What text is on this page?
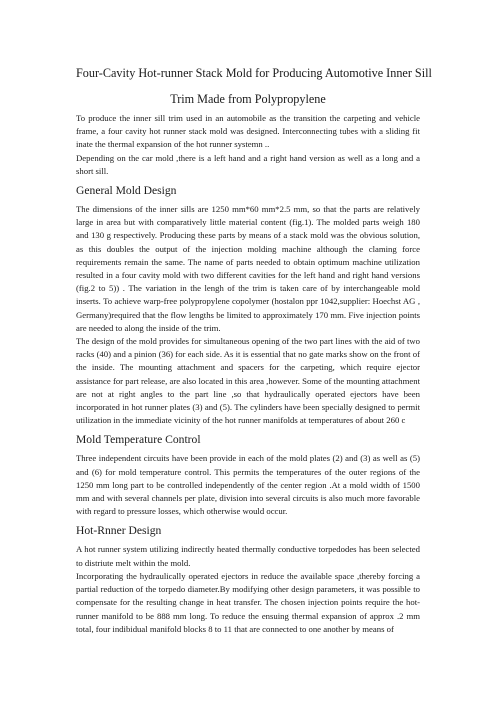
Four-Cavity Hot-runner Stack Mold for Producing Automotive Inner Sill
Trim Made from Polypropylene

To produce the inner sill trim used in an automobile as the transition the carpeting and vehicle frame, a four cavity hot runner stack mold was designed. Interconnecting tubes with a sliding fit inate the thermal expansion of the hot runner systemn ..

Depending on the car mold ,there is a left hand and a right hand version as well as a long and a short sill.

General Mold Design

The dimensions of the inner sills are 1250 mm*60 mm*2.5 mm, so that the parts are relatively large in area but with comparatively little material content (fig.1). The molded parts weigh 180 and 130 g respectively. Producing these parts by means of a stack mold was the obvious solution, as this doubles the output of the injection molding machine although the claming force requirements remain the same. The name of parts needed to obtain optimum machine utilization resulted in a four cavity mold with two different cavities for the left hand and right hand versions (fig.2 to 5)) . The variation in the lengh of the trim is taken care of by interchangeable mold inserts. To achieve warp-free polypropylene copolymer (hostalon ppr 1042,supplier: Hoechst AG , Germany)required that the flow lengths be limited to approximately 170 mm. Five injection points are needed to along the inside of the trim.

The design of the mold provides for simultaneous opening of the two part lines with the aid of two racks (40) and a pinion (36) for each side. As it is essential that no gate marks show on the front of the inside. The mounting attachment and spacers for the carpeting, which require ejector assistance for part release, are also located in this area ,however. Some of the mounting attachment are not at right angles to the part line ,so that hydraulically operated ejectors have been incorporated in hot runner plates (3) and (5). The cylinders have been specially designed to permit utilization in the immediate vicinity of the hot runner manifolds at temperatures of about 260 c

Mold Temperature Control

Three independent circuits have been provide in each of the mold plates (2) and (3) as well as (5) and (6) for mold temperature control. This permits the temperatures of the outer regions of the 1250 mm long part to be controlled independently of the center region .At a mold width of 1500 mm and with several channels per plate, division into several circuits is also much more favorable with regard to pressure losses, which otherwise would occur.

Hot-Rnner Design

A hot runner system utilizing indirectly heated thermally conductive torpedodes has been selected to distriute melt within the mold.

Incorporating the hydraulically operated ejectors in reduce the available space ,thereby forcing a partial reduction of the torpedo diameter.By modifying other design parameters, it was possible to compensate for the resulting change in heat transfer. The chosen injection points require the hot-runner manifold to be 888 mm long. To reduce the ensuing thermal expansion of approx .2 mm total, four indibidual manifold blocks 8 to 11 that are connected to one another by means of
